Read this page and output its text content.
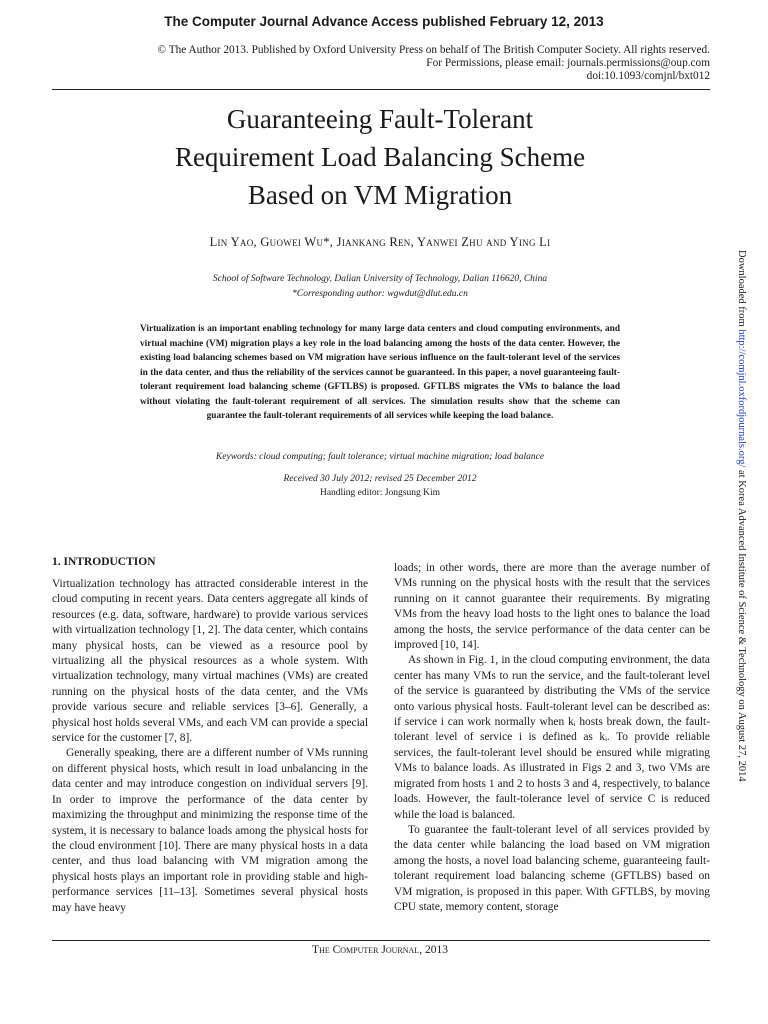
The Computer Journal Advance Access published February 12, 2013
© The Author 2013. Published by Oxford University Press on behalf of The British Computer Society. All rights reserved.
For Permissions, please email: journals.permissions@oup.com
doi:10.1093/comjnl/bxt012
Guaranteeing Fault-Tolerant
Requirement Load Balancing Scheme
Based on VM Migration
Lin Yao, Guowei Wu*, Jiankang Ren, Yanwei Zhu and Ying Li
School of Software Technology, Dalian University of Technology, Dalian 116620, China
*Corresponding author: wgwdut@dlut.edu.cn
Virtualization is an important enabling technology for many large data centers and cloud computing environments, and virtual machine (VM) migration plays a key role in the load balancing among the hosts of the data center. However, the existing load balancing schemes based on VM migration have serious influence on the fault-tolerant level of the services in the data center, and thus the reliability of the services cannot be guaranteed. In this paper, a novel guaranteeing fault-tolerant requirement load balancing scheme (GFTLBS) is proposed. GFTLBS migrates the VMs to balance the load without violating the fault-tolerant requirement of all services. The simulation results show that the scheme can guarantee the fault-tolerant requirements of all services while keeping the load balance.
Keywords: cloud computing; fault tolerance; virtual machine migration; load balance
Received 30 July 2012; revised 25 December 2012
Handling editor: Jongsung Kim
1. INTRODUCTION

Virtualization technology has attracted considerable interest in the cloud computing in recent years. Data centers aggregate all kinds of resources (e.g. data, software, hardware) to provide various services with virtualization technology [1, 2]. The data center, which contains many physical hosts, can be viewed as a resource pool by virtualizing all the physical resources as a whole system. With virtualization technology, many virtual machines (VMs) are created running on the physical hosts of the data center, and the VMs provide various secure and reliable services [3–6]. Generally, a physical host holds several VMs, and each VM can provide a special service for the customer [7, 8].

Generally speaking, there are a different number of VMs running on different physical hosts, which result in load unbalancing in the data center and may introduce congestion on individual servers [9]. In order to improve the performance of the data center by maximizing the throughput and minimizing the response time of the system, it is necessary to balance loads among the physical hosts for the cloud environment [10]. There are many physical hosts in a data center, and thus load balancing with VM migration among the physical hosts plays an important role in providing stable and high-performance services [11–13]. Sometimes several physical hosts may have heavy

loads; in other words, there are more than the average number of VMs running on the physical hosts with the result that the services running on it cannot guarantee their requirements. By migrating VMs from the heavy load hosts to the light ones to balance the load among the hosts, the service performance of the data center can be improved [10, 14].

As shown in Fig. 1, in the cloud computing environment, the data center has many VMs to run the service, and the fault-tolerant level of the service is guaranteed by distributing the VMs of the service onto various physical hosts. Fault-tolerant level can be described as: if service i can work normally when kᵢ hosts break down, the fault-tolerant level of service i is defined as kᵢ. To provide reliable services, the fault-tolerant level should be ensured while migrating VMs to balance loads. As illustrated in Figs 2 and 3, two VMs are migrated from hosts 1 and 2 to hosts 3 and 4, respectively, to balance loads. However, the fault-tolerance level of service C is reduced while the load is balanced.

To guarantee the fault-tolerant level of all services provided by the data center while balancing the load based on VM migration among the hosts, a novel load balancing scheme, guaranteeing fault-tolerant requirement load balancing scheme (GFTLBS) based on VM migration, is proposed in this paper. With GFTLBS, by moving CPU state, memory content, storage

The Computer Journal, 2013
Downloaded from http://comjnl.oxfordjournals.org/ at Korea Advanced Institute of Science & Technology on August 27, 2014
